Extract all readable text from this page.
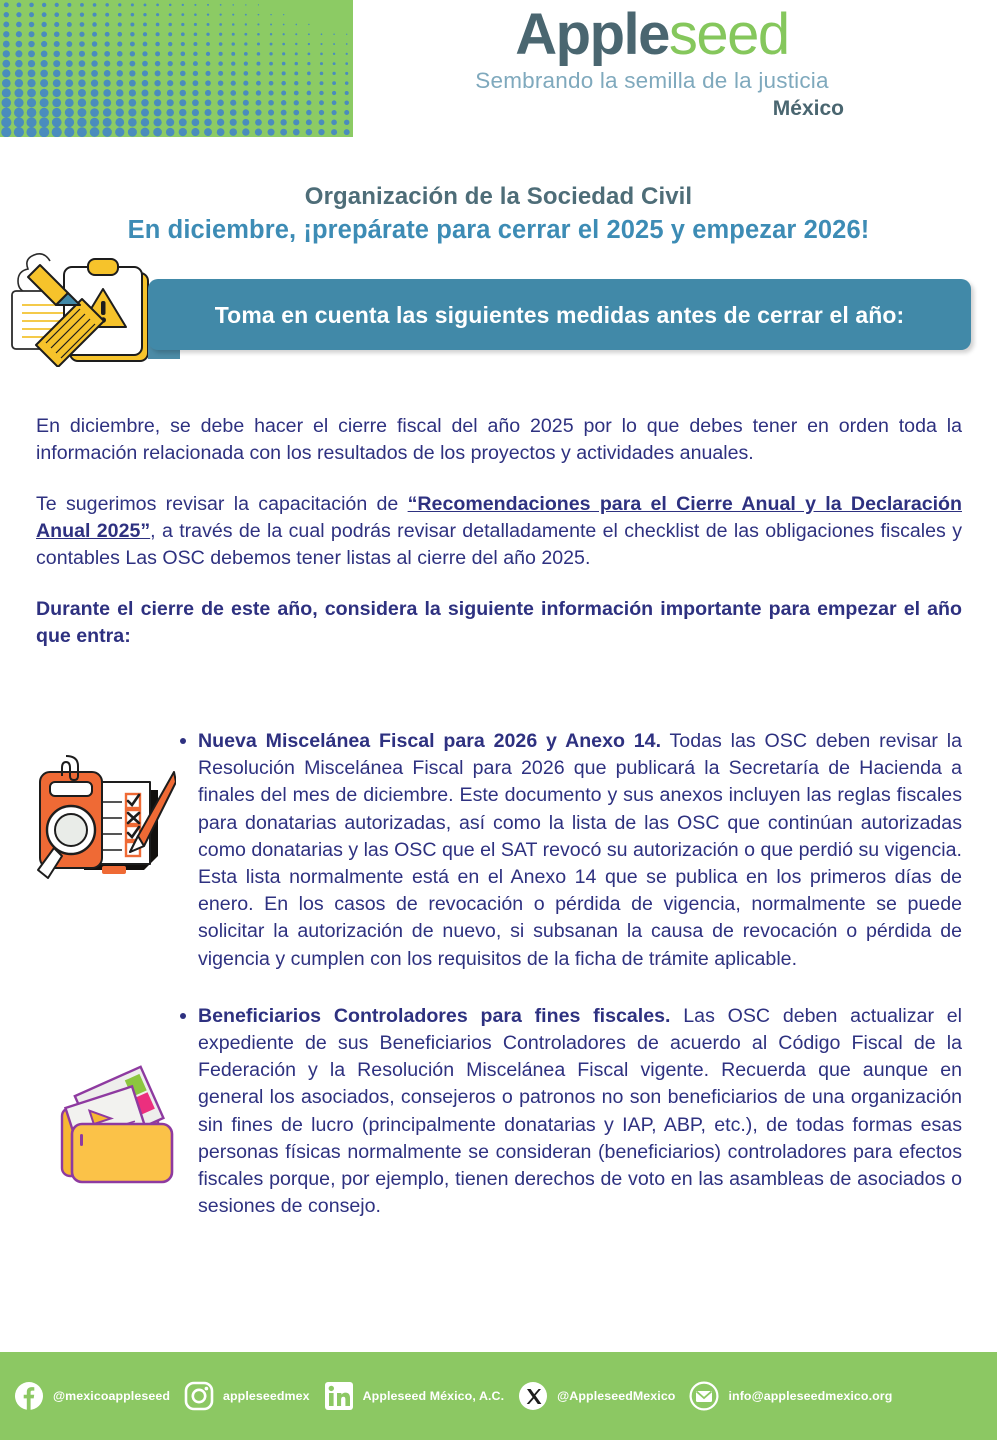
Appleseed
Sembrando la semilla de la justicia
México
Organización de la Sociedad Civil
En diciembre, ¡prepárate para cerrar el 2025 y empezar 2026!
Toma en cuenta las siguientes medidas antes de cerrar el año:

En diciembre, se debe hacer el cierre fiscal del año 2025 por lo que debes tener en orden toda la información relacionada con los resultados de los proyectos y actividades anuales.

Te sugerimos revisar la capacitación de “Recomendaciones para el Cierre Anual y la Declaración Anual 2025”, a través de la cual podrás revisar detalladamente el checklist de las obligaciones fiscales y contables Las OSC debemos tener listas al cierre del año 2025.

Durante el cierre de este año, considera la siguiente información importante para empezar el año que entra:

Nueva Miscelánea Fiscal para 2026 y Anexo 14. Todas las OSC deben revisar la Resolución Miscelánea Fiscal para 2026 que publicará la Secretaría de Hacienda a finales del mes de diciembre. Este documento y sus anexos incluyen las reglas fiscales para donatarias autorizadas, así como la lista de las OSC que continúan autorizadas como donatarias y las OSC que el SAT revocó su autorización o que perdió su vigencia. Esta lista normalmente está en el Anexo 14 que se publica en los primeros días de enero. En los casos de revocación o pérdida de vigencia, normalmente se puede solicitar la autorización de nuevo, si subsanan la causa de revocación o pérdida de vigencia y cumplen con los requisitos de la ficha de trámite aplicable.
Beneficiarios Controladores para fines fiscales. Las OSC deben actualizar el expediente de sus Beneficiarios Controladores de acuerdo al Código Fiscal de la Federación y la Resolución Miscelánea Fiscal vigente. Recuerda que aunque en general los asociados, consejeros o patronos no son beneficiarios de una organización sin fines de lucro (principalmente donatarias y IAP, ABP, etc.), de todas formas esas personas físicas normalmente se consideran (beneficiarios) controladores para efectos fiscales porque, por ejemplo, tienen derechos de voto en las asambleas de asociados o sesiones de consejo.
@mexicoappleseed	appleseedmex	Appleseed México, A.C.	@AppleseedMexico	info@appleseedmexico.org
